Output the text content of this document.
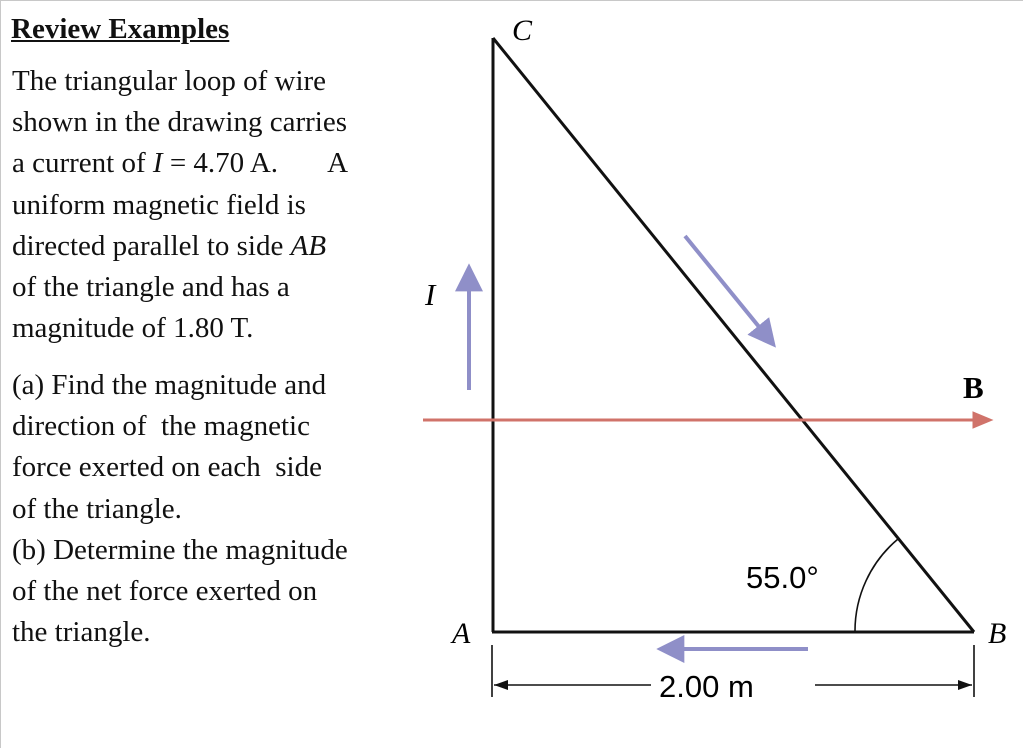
Review Examples
The triangular loop of wire
shown in the drawing carries
a current of I = 4.70 A.       A
uniform magnetic field is
directed parallel to side AB
of the triangle and has a
magnitude of 1.80 T.
(a) Find the magnitude and
direction of  the magnetic
force exerted on each  side
of the triangle.
(b) Determine the magnitude
of the net force exerted on
the triangle.
C
A	B
I
B
55.0°
2.00 m
